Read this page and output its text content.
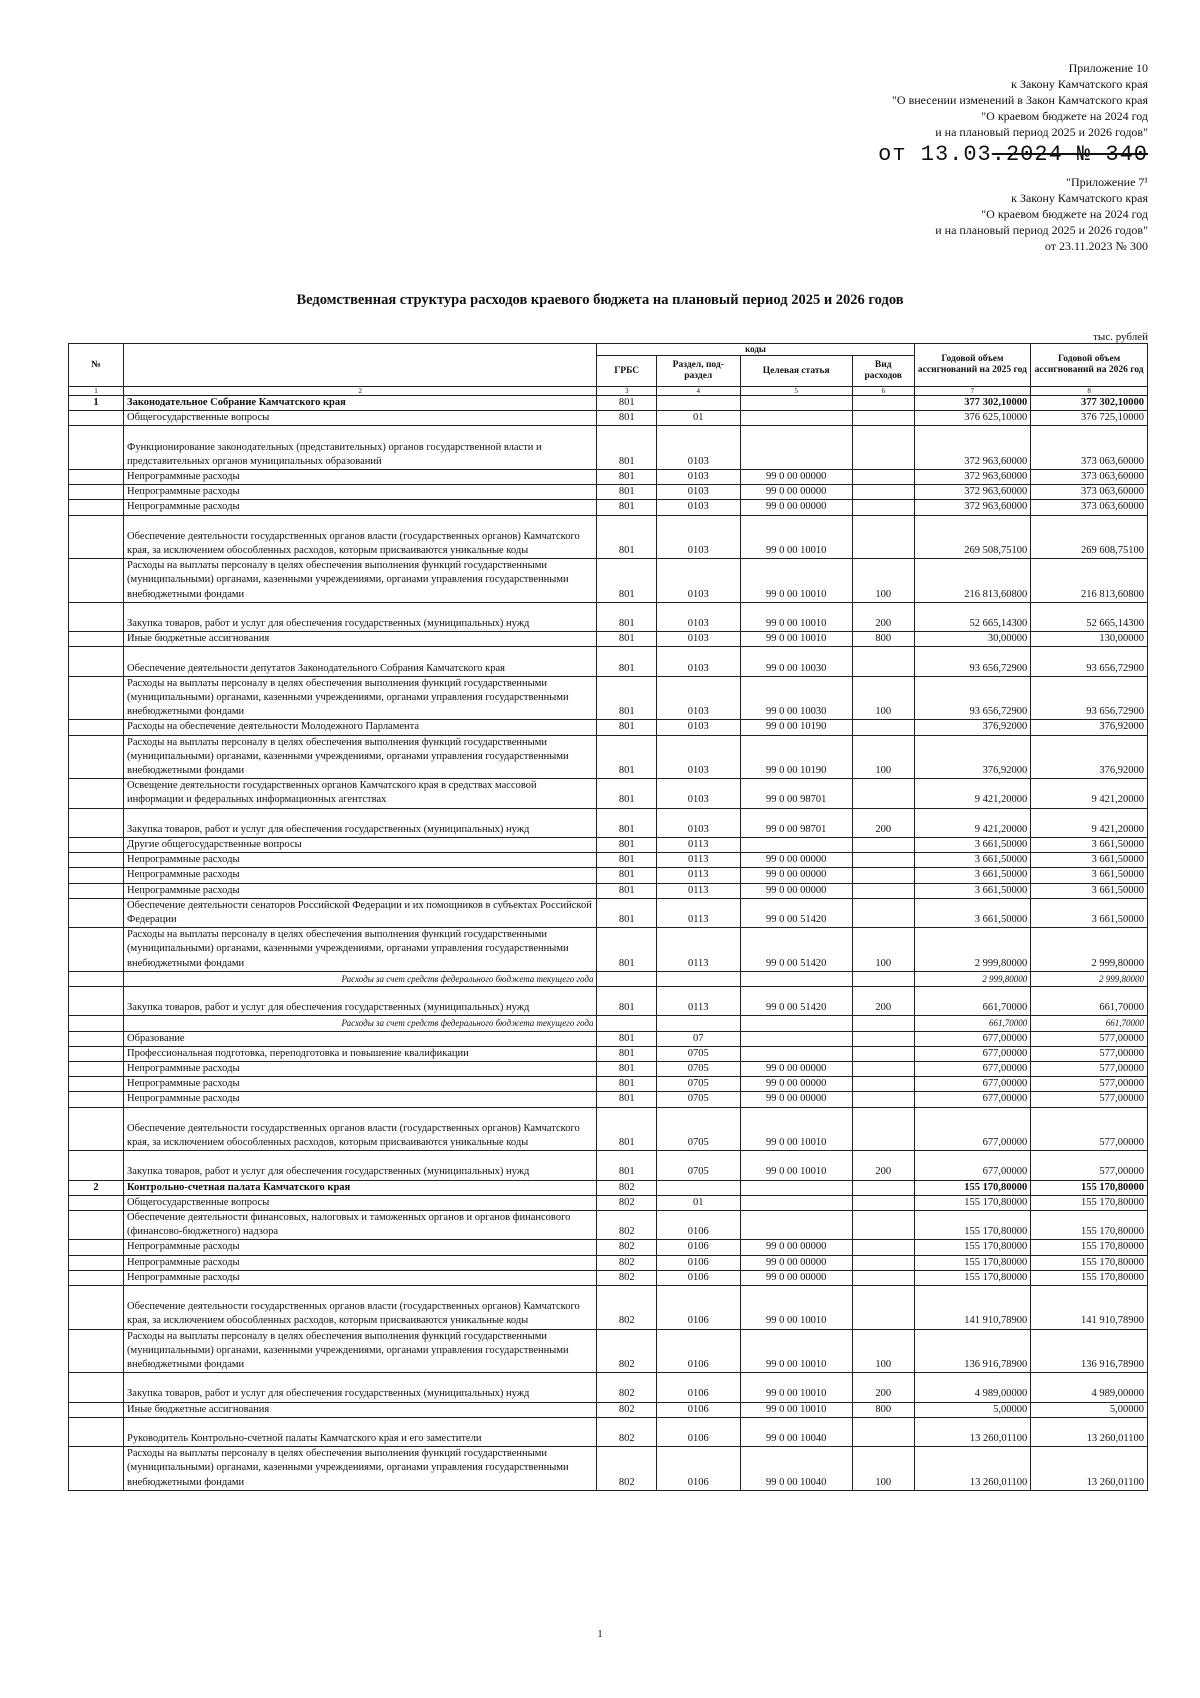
Приложение 10
к Закону Камчатского края
"О внесении изменений в Закон Камчатского края
"О краевом бюджете на 2024 год
и на плановый период 2025 и 2026 годов"
от 13.03.2024 № 340
"Приложение 7¹
к Закону Камчатского края
"О краевом бюджете на 2024 год
и на плановый период 2025 и 2026 годов"
от 23.11.2023 № 300
Ведомственная структура расходов краевого бюджета на плановый период 2025 и 2026 годов
тыс. рублей
№		коды				Годовой объем ассигнований на 2025 год	Годовой объем ассигнований на 2026 год
		ГРБС	Раздел, под-раздел	Целевая статья	Вид расходов		
1	2	3	4	5	6	7	8
1	Законодательное Собрание Камчатского края	801				377 302,10000	377 302,10000
	Общегосударственные вопросы	801	01			376 625,10000	376 725,10000
	Функционирование законодательных (представительных) органов государственной власти и представительных органов муниципальных образований	801	0103			372 963,60000	373 063,60000
	Непрограммные расходы	801	0103	99 0 00 00000		372 963,60000	373 063,60000
	Непрограммные расходы	801	0103	99 0 00 00000		372 963,60000	373 063,60000
	Непрограммные расходы	801	0103	99 0 00 00000		372 963,60000	373 063,60000
	Обеспечение деятельности государственных органов власти (государственных органов) Камчатского края, за исключением обособленных расходов, которым присваиваются уникальные коды	801	0103	99 0 00 10010		269 508,75100	269 608,75100
	Расходы на выплаты персоналу в целях обеспечения выполнения функций государственными (муниципальными) органами, казенными учреждениями, органами управления государственными внебюджетными фондами	801	0103	99 0 00 10010	100	216 813,60800	216 813,60800
	Закупка товаров, работ и услуг для обеспечения государственных (муниципальных) нужд	801	0103	99 0 00 10010	200	52 665,14300	52 665,14300
	Иные бюджетные ассигнования	801	0103	99 0 00 10010	800	30,00000	130,00000
	Обеспечение деятельности депутатов Законодательного Собрания Камчатского края	801	0103	99 0 00 10030		93 656,72900	93 656,72900
	Расходы на выплаты персоналу в целях обеспечения выполнения функций государственными (муниципальными) органами, казенными учреждениями, органами управления государственными внебюджетными фондами	801	0103	99 0 00 10030	100	93 656,72900	93 656,72900
	Расходы на обеспечение деятельности Молодежного Парламента	801	0103	99 0 00 10190		376,92000	376,92000
	Расходы на выплаты персоналу в целях обеспечения выполнения функций государственными (муниципальными) органами, казенными учреждениями, органами управления государственными внебюджетными фондами	801	0103	99 0 00 10190	100	376,92000	376,92000
	Освещение деятельности государственных органов Камчатского края в средствах массовой информации и федеральных информационных агентствах	801	0103	99 0 00 98701		9 421,20000	9 421,20000
	Закупка товаров, работ и услуг для обеспечения государственных (муниципальных) нужд	801	0103	99 0 00 98701	200	9 421,20000	9 421,20000
	Другие общегосударственные вопросы	801	0113			3 661,50000	3 661,50000
	Непрограммные расходы	801	0113	99 0 00 00000		3 661,50000	3 661,50000
	Непрограммные расходы	801	0113	99 0 00 00000		3 661,50000	3 661,50000
	Непрограммные расходы	801	0113	99 0 00 00000		3 661,50000	3 661,50000
	Обеспечение деятельности сенаторов Российской Федерации и их помощников в субъектах Российской Федерации	801	0113	99 0 00 51420		3 661,50000	3 661,50000
	Расходы на выплаты персоналу в целях обеспечения выполнения функций государственными (муниципальными) органами, казенными учреждениями, органами управления государственными внебюджетными фондами	801	0113	99 0 00 51420	100	2 999,80000	2 999,80000
	Расходы за счет средств федерального бюджета текущего года					2 999,80000	2 999,80000
	Закупка товаров, работ и услуг для обеспечения государственных (муниципальных) нужд	801	0113	99 0 00 51420	200	661,70000	661,70000
	Расходы за счет средств федерального бюджета текущего года					661,70000	661,70000
	Образование	801	07			677,00000	577,00000
	Профессиональная подготовка, переподготовка и повышение квалификации	801	0705			677,00000	577,00000
	Непрограммные расходы	801	0705	99 0 00 00000		677,00000	577,00000
	Непрограммные расходы	801	0705	99 0 00 00000		677,00000	577,00000
	Непрограммные расходы	801	0705	99 0 00 00000		677,00000	577,00000
	Обеспечение деятельности государственных органов власти (государственных органов) Камчатского края, за исключением обособленных расходов, которым присваиваются уникальные коды	801	0705	99 0 00 10010		677,00000	577,00000
	Закупка товаров, работ и услуг для обеспечения государственных (муниципальных) нужд	801	0705	99 0 00 10010	200	677,00000	577,00000
2	Контрольно-счетная палата Камчатского края	802				155 170,80000	155 170,80000
	Общегосударственные вопросы	802	01			155 170,80000	155 170,80000
	Обеспечение деятельности финансовых, налоговых и таможенных органов и органов финансового (финансово-бюджетного) надзора	802	0106			155 170,80000	155 170,80000
	Непрограммные расходы	802	0106	99 0 00 00000		155 170,80000	155 170,80000
	Непрограммные расходы	802	0106	99 0 00 00000		155 170,80000	155 170,80000
	Непрограммные расходы	802	0106	99 0 00 00000		155 170,80000	155 170,80000
	Обеспечение деятельности государственных органов власти (государственных органов) Камчатского края, за исключением обособленных расходов, которым присваиваются уникальные коды	802	0106	99 0 00 10010		141 910,78900	141 910,78900
	Расходы на выплаты персоналу в целях обеспечения выполнения функций государственными (муниципальными) органами, казенными учреждениями, органами управления государственными внебюджетными фондами	802	0106	99 0 00 10010	100	136 916,78900	136 916,78900
	Закупка товаров, работ и услуг для обеспечения государственных (муниципальных) нужд	802	0106	99 0 00 10010	200	4 989,00000	4 989,00000
	Иные бюджетные ассигнования	802	0106	99 0 00 10010	800	5,00000	5,00000
	Руководитель Контрольно-счетной палаты Камчатского края и его заместители	802	0106	99 0 00 10040		13 260,01100	13 260,01100
	Расходы на выплаты персоналу в целях обеспечения выполнения функций государственными (муниципальными) органами, казенными учреждениями, органами управления государственными внебюджетными фондами	802	0106	99 0 00 10040	100	13 260,01100	13 260,01100
1
